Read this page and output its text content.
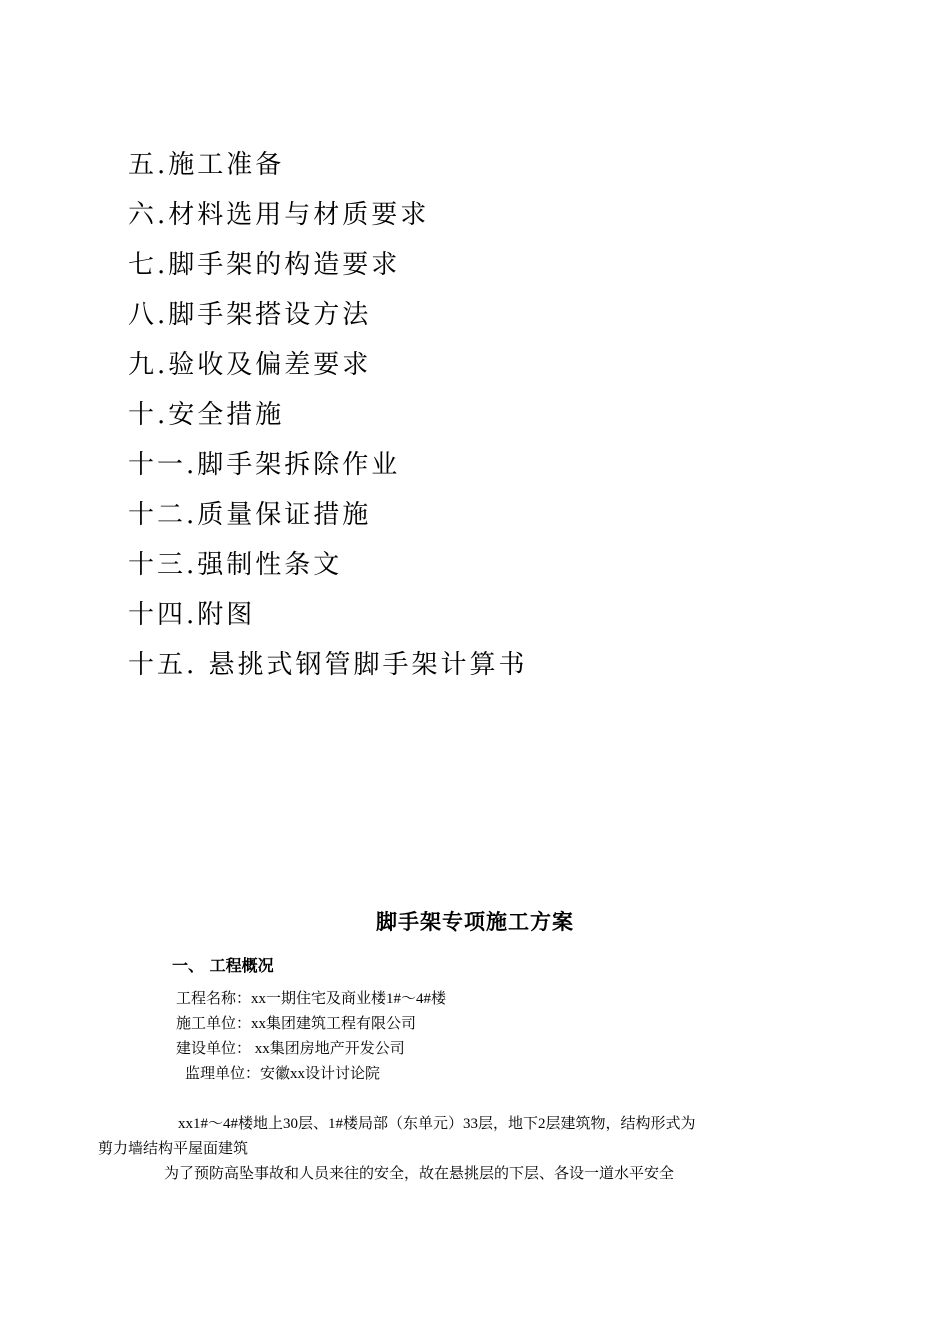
五.施工准备
六.材料选用与材质要求
七.脚手架的构造要求
八.脚手架搭设方法
九.验收及偏差要求
十.安全措施
十一.脚手架拆除作业
十二.质量保证措施
十三.强制性条文
十四.附图
十五. 悬挑式钢管脚手架计算书
脚手架专项施工方案
一、 工程概况
工程名称：xx一期住宅及商业楼1#～4#楼
施工单位：xx集团建筑工程有限公司
建设单位： xx集团房地产开发公司
监理单位：安徽xx设计讨论院
xx1#～4#楼地上30层、1#楼局部（东单元）33层，地下2层建筑物，结构形式为
剪力墙结构平屋面建筑
为了预防高坠事故和人员来往的安全，故在悬挑层的下层、各设一道水平安全
